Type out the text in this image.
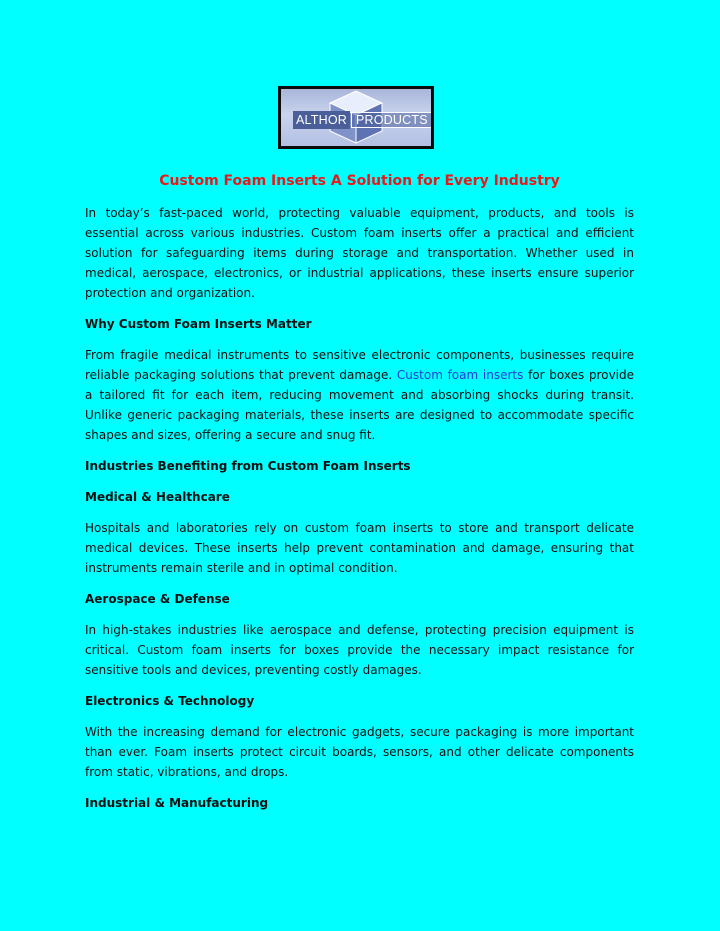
ALTHOR PRODUCTS
Custom Foam Inserts A Solution for Every Industry

In today’s fast-paced world, protecting valuable equipment, products, and tools is essential across various industries. Custom foam inserts offer a practical and efficient solution for safeguarding items during storage and transportation. Whether used in medical, aerospace, electronics, or industrial applications, these inserts ensure superior protection and organization.

Why Custom Foam Inserts Matter

From fragile medical instruments to sensitive electronic components, businesses require reliable packaging solutions that prevent damage. Custom foam inserts for boxes provide a tailored fit for each item, reducing movement and absorbing shocks during transit. Unlike generic packaging materials, these inserts are designed to accommodate specific shapes and sizes, offering a secure and snug fit.

Industries Benefiting from Custom Foam Inserts
Medical & Healthcare

Hospitals and laboratories rely on custom foam inserts to store and transport delicate medical devices. These inserts help prevent contamination and damage, ensuring that instruments remain sterile and in optimal condition.

Aerospace & Defense

In high-stakes industries like aerospace and defense, protecting precision equipment is critical. Custom foam inserts for boxes provide the necessary impact resistance for sensitive tools and devices, preventing costly damages.

Electronics & Technology

With the increasing demand for electronic gadgets, secure packaging is more important than ever. Foam inserts protect circuit boards, sensors, and other delicate components from static, vibrations, and drops.

Industrial & Manufacturing
